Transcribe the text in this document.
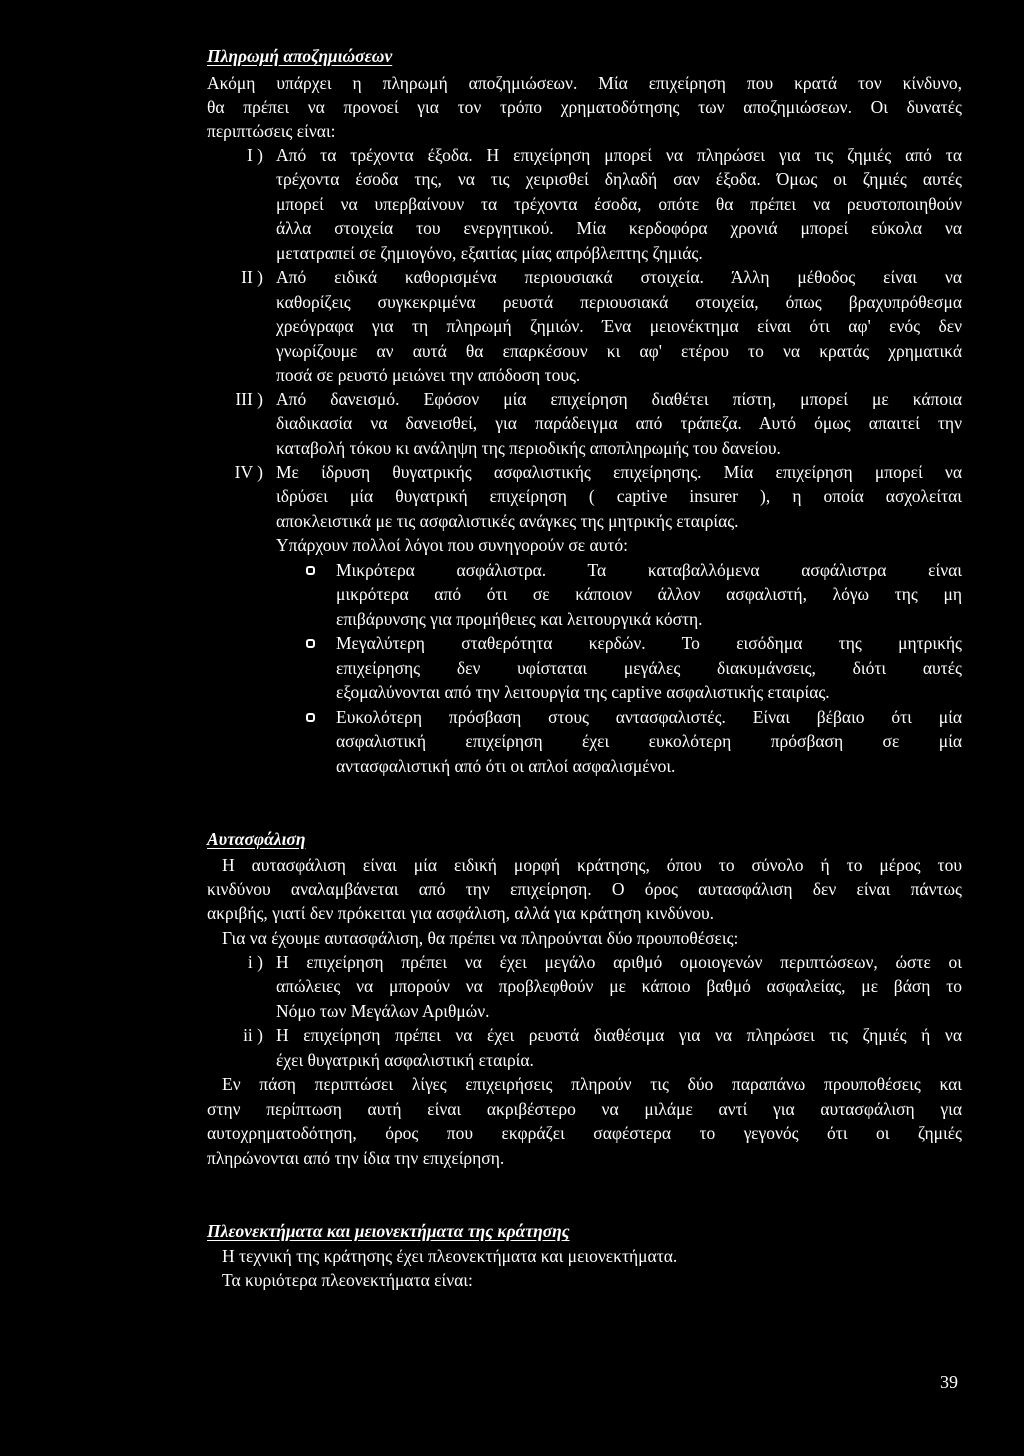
Πληρωμή αποζημιώσεων
Ακόμη υπάρχει η πληρωμή αποζημιώσεων. Μία επιχείρηση που κρατά τον κίνδυνο,
θα πρέπει να προνοεί για τον τρόπο χρηματοδότησης των αποζημιώσεων. Οι δυνατές
περιπτώσεις είναι:
I ) Από τα τρέχοντα έξοδα. Η επιχείρηση μπορεί να πληρώσει για τις ζημιές από τα
τρέχοντα έσοδα της, να τις χειρισθεί δηλαδή σαν έξοδα. Όμως οι ζημιές αυτές
μπορεί να υπερβαίνουν τα τρέχοντα έσοδα, οπότε θα πρέπει να ρευστοποιηθούν
άλλα στοιχεία του ενεργητικού. Μία κερδοφόρα χρονιά μπορεί εύκολα να
μετατραπεί σε ζημιογόνο, εξαιτίας μίας απρόβλεπτης ζημιάς.
II ) Από ειδικά καθορισμένα περιουσιακά στοιχεία. Άλλη μέθοδος είναι να
καθορίζεις συγκεκριμένα ρευστά περιουσιακά στοιχεία, όπως βραχυπρόθεσμα
χρεόγραφα για τη πληρωμή ζημιών. Ένα μειονέκτημα είναι ότι αφ' ενός δεν
γνωρίζουμε αν αυτά θα επαρκέσουν κι αφ' ετέρου το να κρατάς χρηματικά
ποσά σε ρευστό μειώνει την απόδοση τους.
III ) Από δανεισμό. Εφόσον μία επιχείρηση διαθέτει πίστη, μπορεί με κάποια
διαδικασία να δανεισθεί, για παράδειγμα από τράπεζα. Αυτό όμως απαιτεί την
καταβολή τόκου κι ανάληψη της περιοδικής αποπληρωμής του δανείου.
IV ) Με ίδρυση θυγατρικής ασφαλιστικής επιχείρησης. Μία επιχείρηση μπορεί να
ιδρύσει μία θυγατρική επιχείρηση ( captive insurer ), η οποία ασχολείται
αποκλειστικά με τις ασφαλιστικές ανάγκες της μητρικής εταιρίας.
Υπάρχουν πολλοί λόγοι που συνηγορούν σε αυτό:
Μικρότερα ασφάλιστρα. Τα καταβαλλόμενα ασφάλιστρα είναι
μικρότερα από ότι σε κάποιον άλλον ασφαλιστή, λόγω της μη
επιβάρυνσης για προμήθειες και λειτουργικά κόστη.
Μεγαλύτερη σταθερότητα κερδών. Το εισόδημα της μητρικής
επιχείρησης δεν υφίσταται μεγάλες διακυμάνσεις, διότι αυτές
εξομαλύνονται από την λειτουργία της captive ασφαλιστικής εταιρίας.
Ευκολότερη πρόσβαση στους αντασφαλιστές. Είναι βέβαιο ότι μία
ασφαλιστική επιχείρηση έχει ευκολότερη πρόσβαση σε μία
αντασφαλιστική από ότι οι απλοί ασφαλισμένοι.
Αυτασφάλιση
Η αυτασφάλιση είναι μία ειδική μορφή κράτησης, όπου το σύνολο ή το μέρος του
κινδύνου αναλαμβάνεται από την επιχείρηση. Ο όρος αυτασφάλιση δεν είναι πάντως
ακριβής, γιατί δεν πρόκειται για ασφάλιση, αλλά για κράτηση κινδύνου.
Για να έχουμε αυτασφάλιση, θα πρέπει να πληρούνται δύο προυποθέσεις:
i ) Η επιχείρηση πρέπει να έχει μεγάλο αριθμό ομοιογενών περιπτώσεων, ώστε οι
απώλειες να μπορούν να προβλεφθούν με κάποιο βαθμό ασφαλείας, με βάση το
Νόμο των Μεγάλων Αριθμών.
ii ) Η επιχείρηση πρέπει να έχει ρευστά διαθέσιμα για να πληρώσει τις ζημιές ή να
έχει θυγατρική ασφαλιστική εταιρία.
Εν πάση περιπτώσει λίγες επιχειρήσεις πληρούν τις δύο παραπάνω προυποθέσεις και
στην περίπτωση αυτή είναι ακριβέστερο να μιλάμε αντί για αυτασφάλιση για
αυτοχρηματοδότηση, όρος που εκφράζει σαφέστερα το γεγονός ότι οι ζημιές
πληρώνονται από την ίδια την επιχείρηση.
Πλεονεκτήματα και μειονεκτήματα της κράτησης
Η τεχνική της κράτησης έχει πλεονεκτήματα και μειονεκτήματα.
Τα κυριότερα πλεονεκτήματα είναι:
39
